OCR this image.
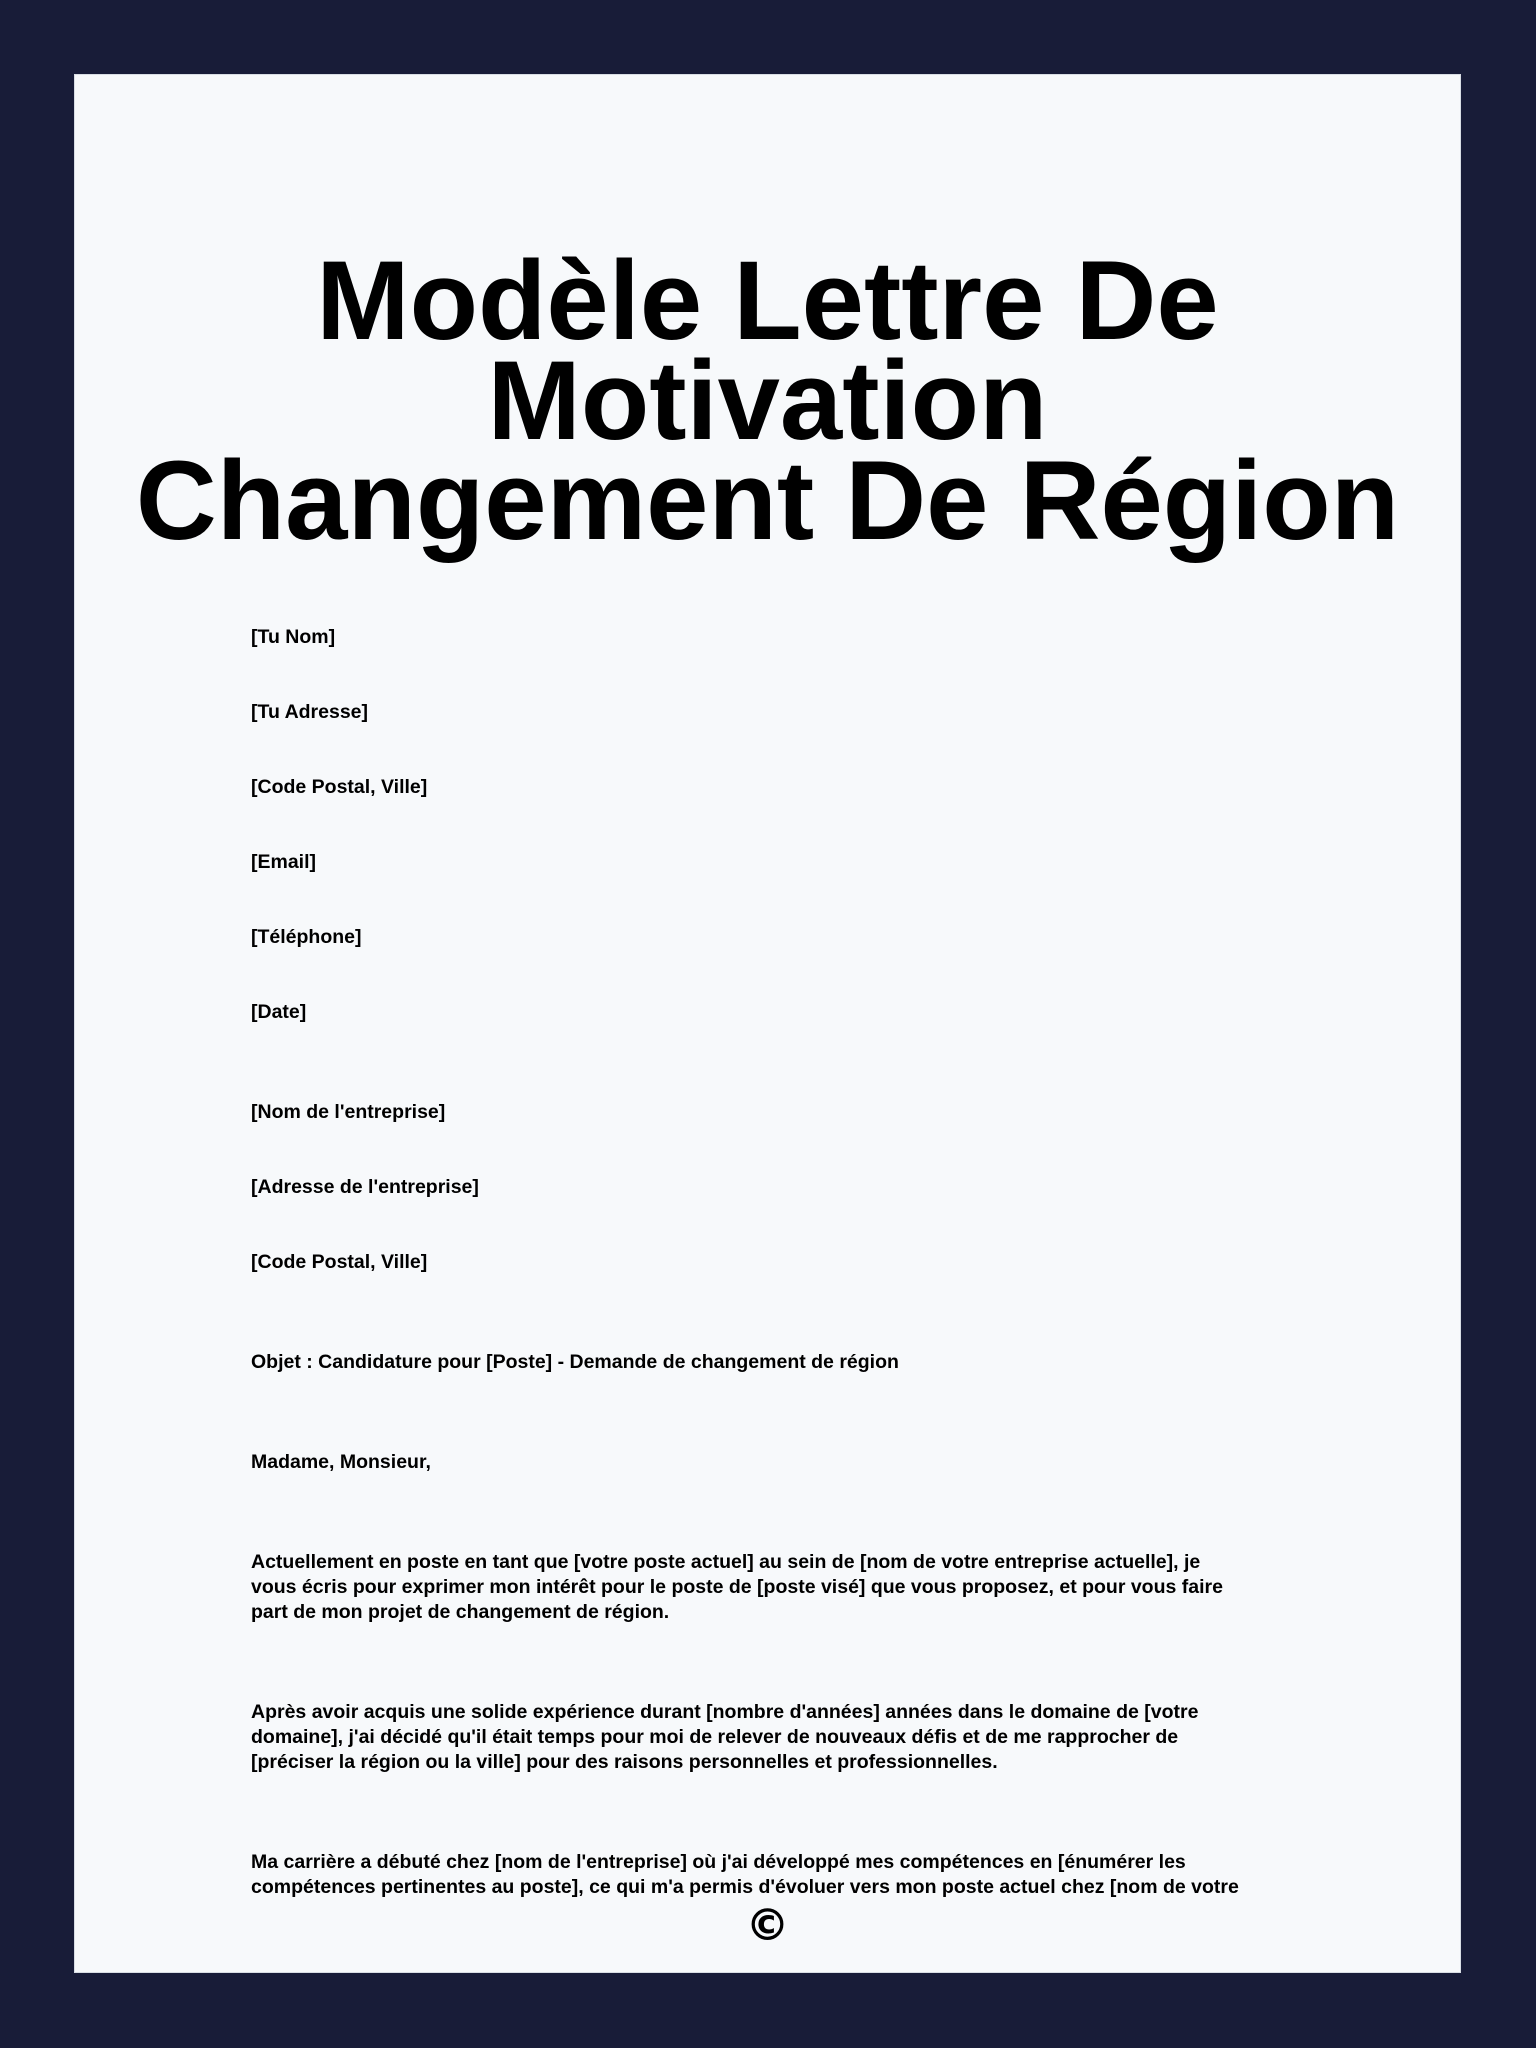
Modèle Lettre De Motivation
Changement De Région
[Tu Nom]
[Tu Adresse]
[Code Postal, Ville]
[Email]
[Téléphone]
[Date]
[Nom de l'entreprise]
[Adresse de l'entreprise]
[Code Postal, Ville]
Objet : Candidature pour [Poste] - Demande de changement de région
Madame, Monsieur,
Actuellement en poste en tant que [votre poste actuel] au sein de [nom de votre entreprise actuelle], je
vous écris pour exprimer mon intérêt pour le poste de [poste visé] que vous proposez, et pour vous faire
part de mon projet de changement de région.
Après avoir acquis une solide expérience durant [nombre d'années] années dans le domaine de [votre
domaine], j'ai décidé qu'il était temps pour moi de relever de nouveaux défis et de me rapprocher de
[préciser la région ou la ville] pour des raisons personnelles et professionnelles.
Ma carrière a débuté chez [nom de l'entreprise] où j'ai développé mes compétences en [énumérer les
compétences pertinentes au poste], ce qui m'a permis d'évoluer vers mon poste actuel chez [nom de votre
©
